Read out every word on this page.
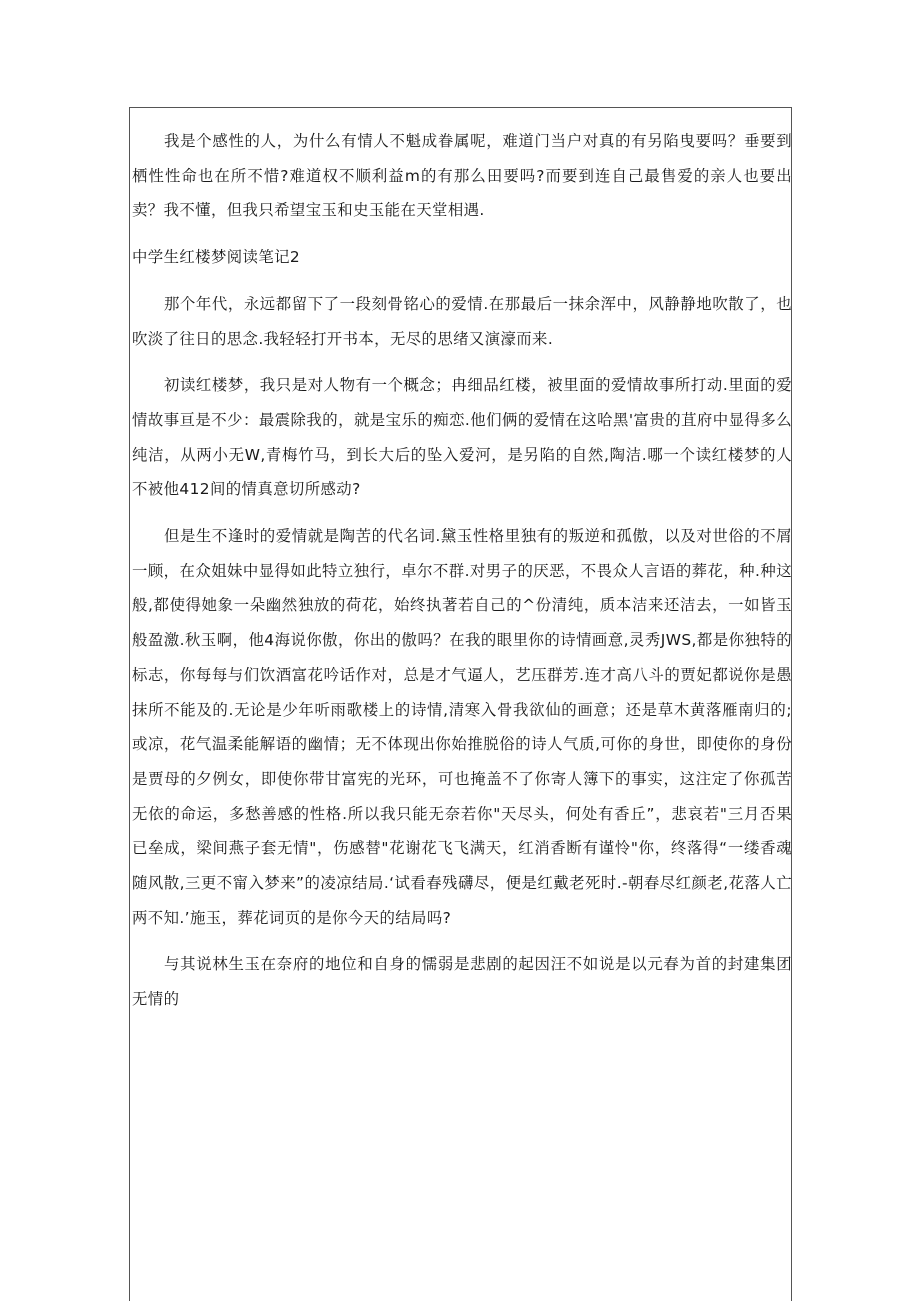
我是个感性的人，为什么有情人不魁成眷属呢，难道门当户对真的有另陷曳要吗？垂要到栖性性命也在所不惜?难道权不顺利益m的有那么田要吗?而要到连自己最售爱的亲人也要出卖？我不懂，但我只希望宝玉和史玉能在天堂相遇.

中学生红楼梦阅读笔记2

那个年代，永远都留下了一段刻骨铭心的爱情.在那最后一抹余浑中，风静静地吹散了，也吹淡了往日的思念.我轻轻打开书本，无尽的思绪又演濠而来.

初读红楼梦，我只是对人物有一个概念；冉细品红楼，被里面的爱情故事所打动.里面的爱情故事亘是不少：最震除我的，就是宝乐的痴恋.他们俩的爱情在这哈黑'富贵的苴府中显得多么纯洁，从两小无W,青梅竹马，到长大后的坠入爱河，是另陷的自然,陶洁.哪一个读红楼梦的人不被他412间的情真意切所感动?

但是生不逢时的爱情就是陶苦的代名词.黛玉性格里独有的叛逆和孤傲，以及对世俗的不屑一顾，在众姐妹中显得如此特立独行，卓尔不群.对男子的厌恶，不畏众人言语的葬花，种.种这般,都使得她象一朵幽然独放的荷花，始终执著若自己的^份清纯，质本洁来还洁去，一如皆玉般盈激.秋玉啊，他4海说你傲，你出的傲吗？在我的眼里你的诗情画意,灵秀JWS,都是你独特的标志，你每每与们饮酒富花吟话作对，总是才气逼人，艺压群芳.连才高八斗的贾妃都说你是愚抹所不能及的.无论是少年听雨歌楼上的诗情,清寒入骨我欲仙的画意；还是草木黄落雁南归的;或凉，花气温柔能解语的幽情；无不体现出你始推脱俗的诗人气质,可你的身世，即使你的身份是贾母的夕例女，即使你带甘富宪的光环，可也掩盖不了你寄人簿下的事实，这注定了你孤苦无依的命运，多愁善感的性格.所以我只能无奈若你"天尽头，何处有香丘”，悲哀若"三月否果已垒成，梁间燕子套无情"，伤感替"花谢花飞飞满天，红消香断有谨怜"你，终落得“一缕香魂随风散,三更不甯入梦来”的凌凉结局.‘试看春残礴尽，便是红戴老死时.-朝春尽红颜老,花落人亡两不知.’施玉，葬花词页的是你今天的结局吗?

与其说林生玉在奈府的地位和自身的懦弱是悲剧的起因汪不如说是以元春为首的封建集团无情的
